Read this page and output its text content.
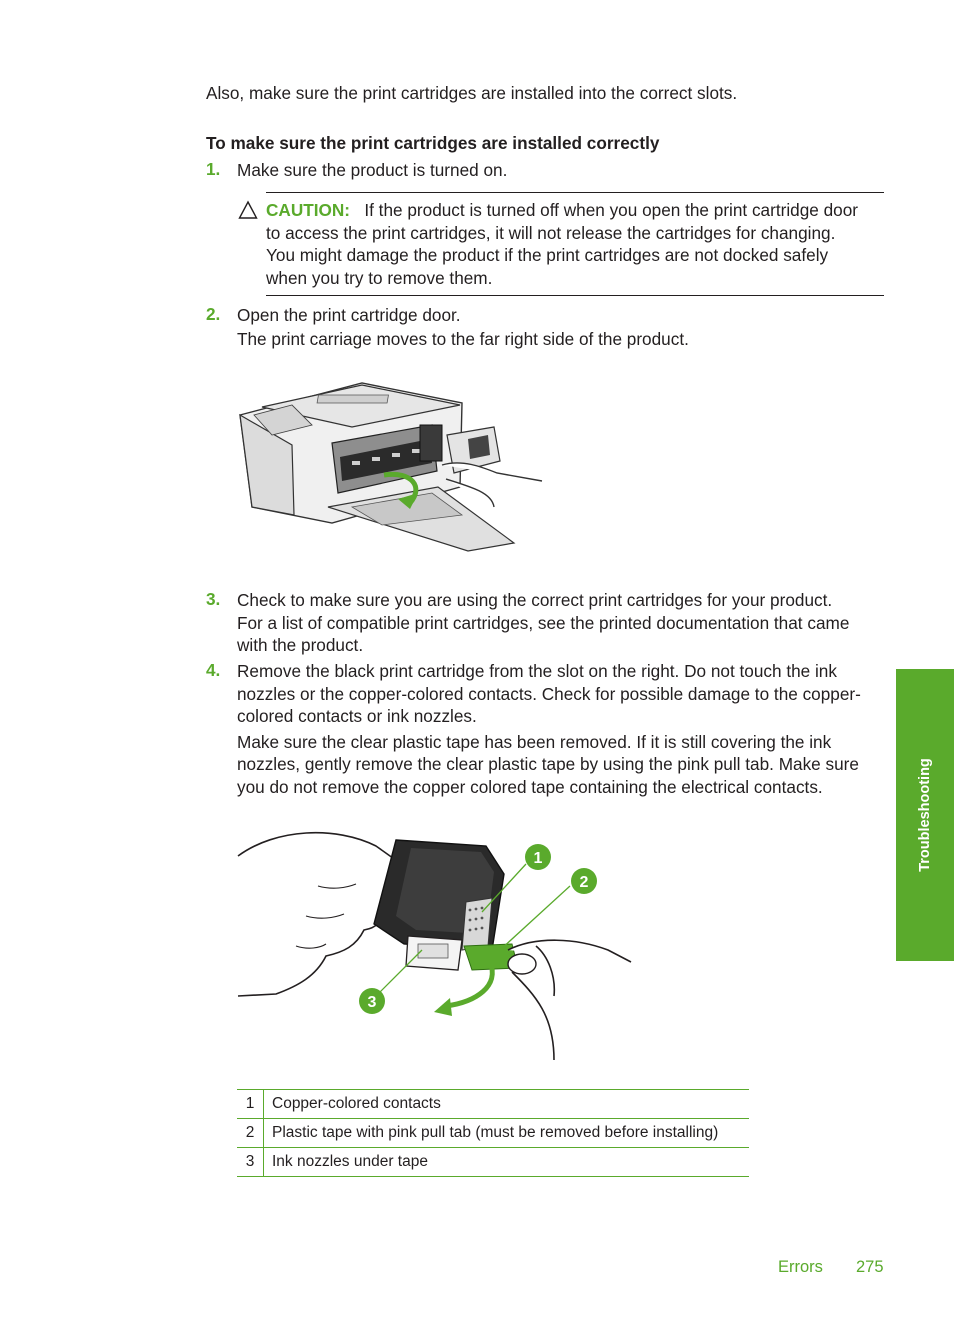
Also, make sure the print cartridges are installed into the correct slots.
To make sure the print cartridges are installed correctly
1. Make sure the product is turned on.
CAUTION: If the product is turned off when you open the print cartridge door
to access the print cartridges, it will not release the cartridges for changing.
You might damage the product if the print cartridges are not docked safely
when you try to remove them.
2. Open the print cartridge door.
The print carriage moves to the far right side of the product.
3. Check to make sure you are using the correct print cartridges for your product.
For a list of compatible print cartridges, see the printed documentation that came
with the product.
4. Remove the black print cartridge from the slot on the right. Do not touch the ink
nozzles or the copper-colored contacts. Check for possible damage to the copper-
colored contacts or ink nozzles.
Make sure the clear plastic tape has been removed. If it is still covering the ink
nozzles, gently remove the clear plastic tape by using the pink pull tab. Make sure
you do not remove the copper colored tape containing the electrical contacts.
1
2
3
1	Copper-colored contacts
2	Plastic tape with pink pull tab (must be removed before installing)
3	Ink nozzles under tape
Troubleshooting
Errors 275
